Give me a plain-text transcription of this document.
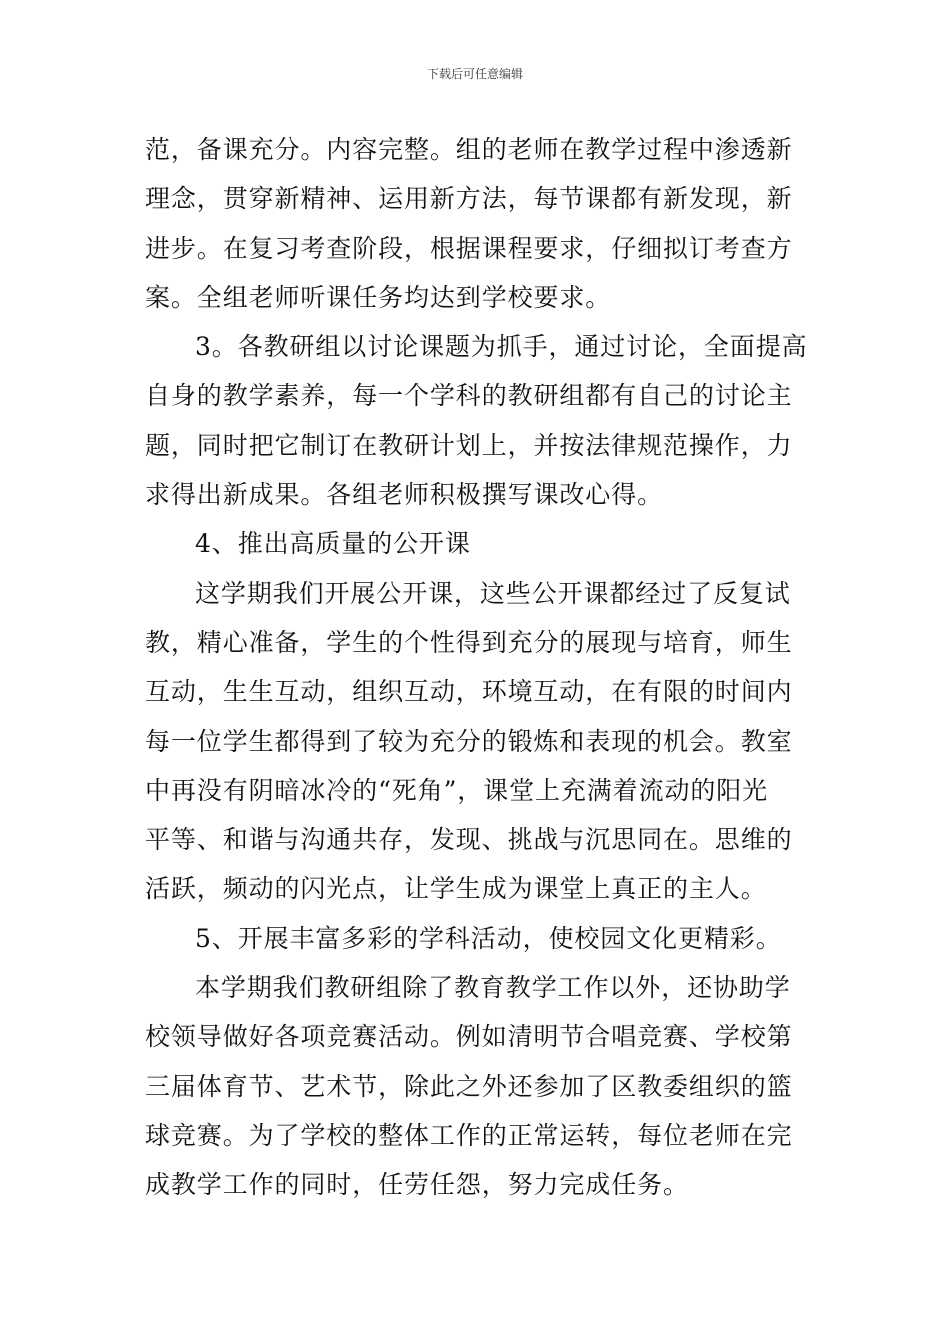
下载后可任意编辑
范，备课充分。内容完整。组的老师在教学过程中渗透新
理念，贯穿新精神、运用新方法，每节课都有新发现，新
进步。在复习考查阶段，根据课程要求，仔细拟订考查方
案。全组老师听课任务均达到学校要求。
3。各教研组以讨论课题为抓手，通过讨论，全面提高
自身的教学素养，每一个学科的教研组都有自己的讨论主
题，同时把它制订在教研计划上，并按法律规范操作，力
求得出新成果。各组老师积极撰写课改心得。
4、推出高质量的公开课
这学期我们开展公开课，这些公开课都经过了反复试
教，精心准备，学生的个性得到充分的展现与培育，师生
互动，生生互动，组织互动，环境互动，在有限的时间内
每一位学生都得到了较为充分的锻炼和表现的机会。教室
中再没有阴暗冰冷的“死角”，课堂上充满着流动的阳光
平等、和谐与沟通共存，发现、挑战与沉思同在。思维的
活跃，频动的闪光点，让学生成为课堂上真正的主人。
5、开展丰富多彩的学科活动，使校园文化更精彩。
本学期我们教研组除了教育教学工作以外，还协助学
校领导做好各项竞赛活动。例如清明节合唱竞赛、学校第
三届体育节、艺术节，除此之外还参加了区教委组织的篮
球竞赛。为了学校的整体工作的正常运转，每位老师在完
成教学工作的同时，任劳任怨，努力完成任务。
